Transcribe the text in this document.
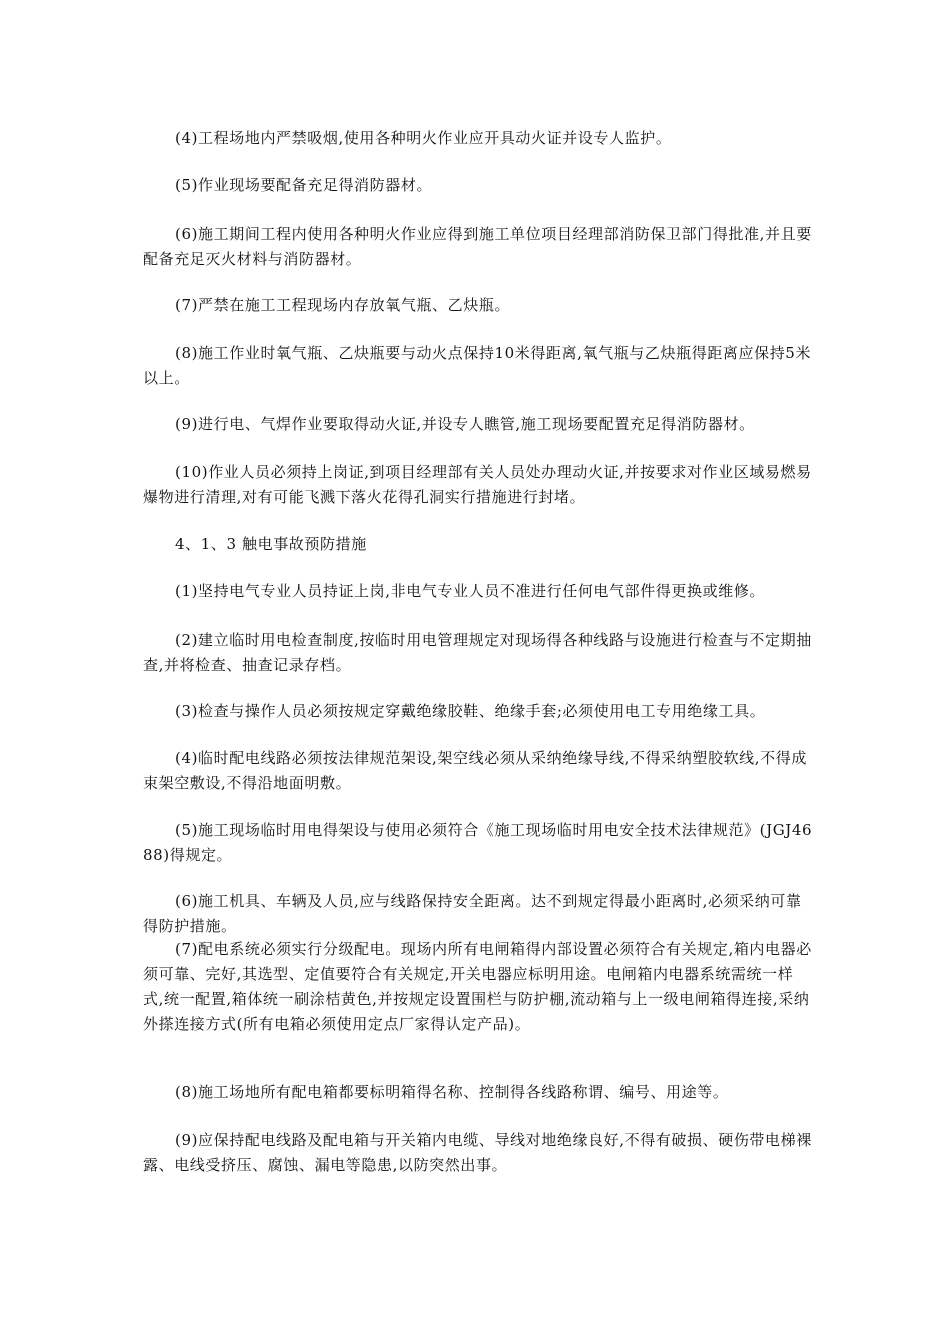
(4)工程场地内严禁吸烟,使用各种明火作业应开具动火证并设专人监护。

(5)作业现场要配备充足得消防器材。

(6)施工期间工程内使用各种明火作业应得到施工单位项目经理部消防保卫部门得批准,并且要配备充足灭火材料与消防器材。

(7)严禁在施工工程现场内存放氧气瓶、乙炔瓶。

(8)施工作业时氧气瓶、乙炔瓶要与动火点保持10米得距离,氧气瓶与乙炔瓶得距离应保持5米以上。

(9)进行电、气焊作业要取得动火证,并设专人瞧管,施工现场要配置充足得消防器材。

(10)作业人员必须持上岗证,到项目经理部有关人员处办理动火证,并按要求对作业区域易燃易爆物进行清理,对有可能飞溅下落火花得孔洞实行措施进行封堵。

4、1、3 触电事故预防措施

(1)坚持电气专业人员持证上岗,非电气专业人员不准进行任何电气部件得更换或维修。

(2)建立临时用电检查制度,按临时用电管理规定对现场得各种线路与设施进行检查与不定期抽查,并将检查、抽查记录存档。

(3)检查与操作人员必须按规定穿戴绝缘胶鞋、绝缘手套;必须使用电工专用绝缘工具。

(4)临时配电线路必须按法律规范架设,架空线必须从采纳绝缘导线,不得采纳塑胶软线,不得成束架空敷设,不得沿地面明敷。

(5)施工现场临时用电得架设与使用必须符合《施工现场临时用电安全技术法律规范》(JGJ4688)得规定。

(6)施工机具、车辆及人员,应与线路保持安全距离。达不到规定得最小距离时,必须采纳可靠得防护措施。

(7)配电系统必须实行分级配电。现场内所有电闸箱得内部设置必须符合有关规定,箱内电器必须可靠、完好,其选型、定值要符合有关规定,开关电器应标明用途。电闸箱内电器系统需统一样式,统一配置,箱体统一刷涂桔黄色,并按规定设置围栏与防护棚,流动箱与上一级电闸箱得连接,采纳外搽连接方式(所有电箱必须使用定点厂家得认定产品)。

(8)施工场地所有配电箱都要标明箱得名称、控制得各线路称谓、编号、用途等。

(9)应保持配电线路及配电箱与开关箱内电缆、导线对地绝缘良好,不得有破损、硬伤带电梯裸露、电线受挤压、腐蚀、漏电等隐患,以防突然出事。
